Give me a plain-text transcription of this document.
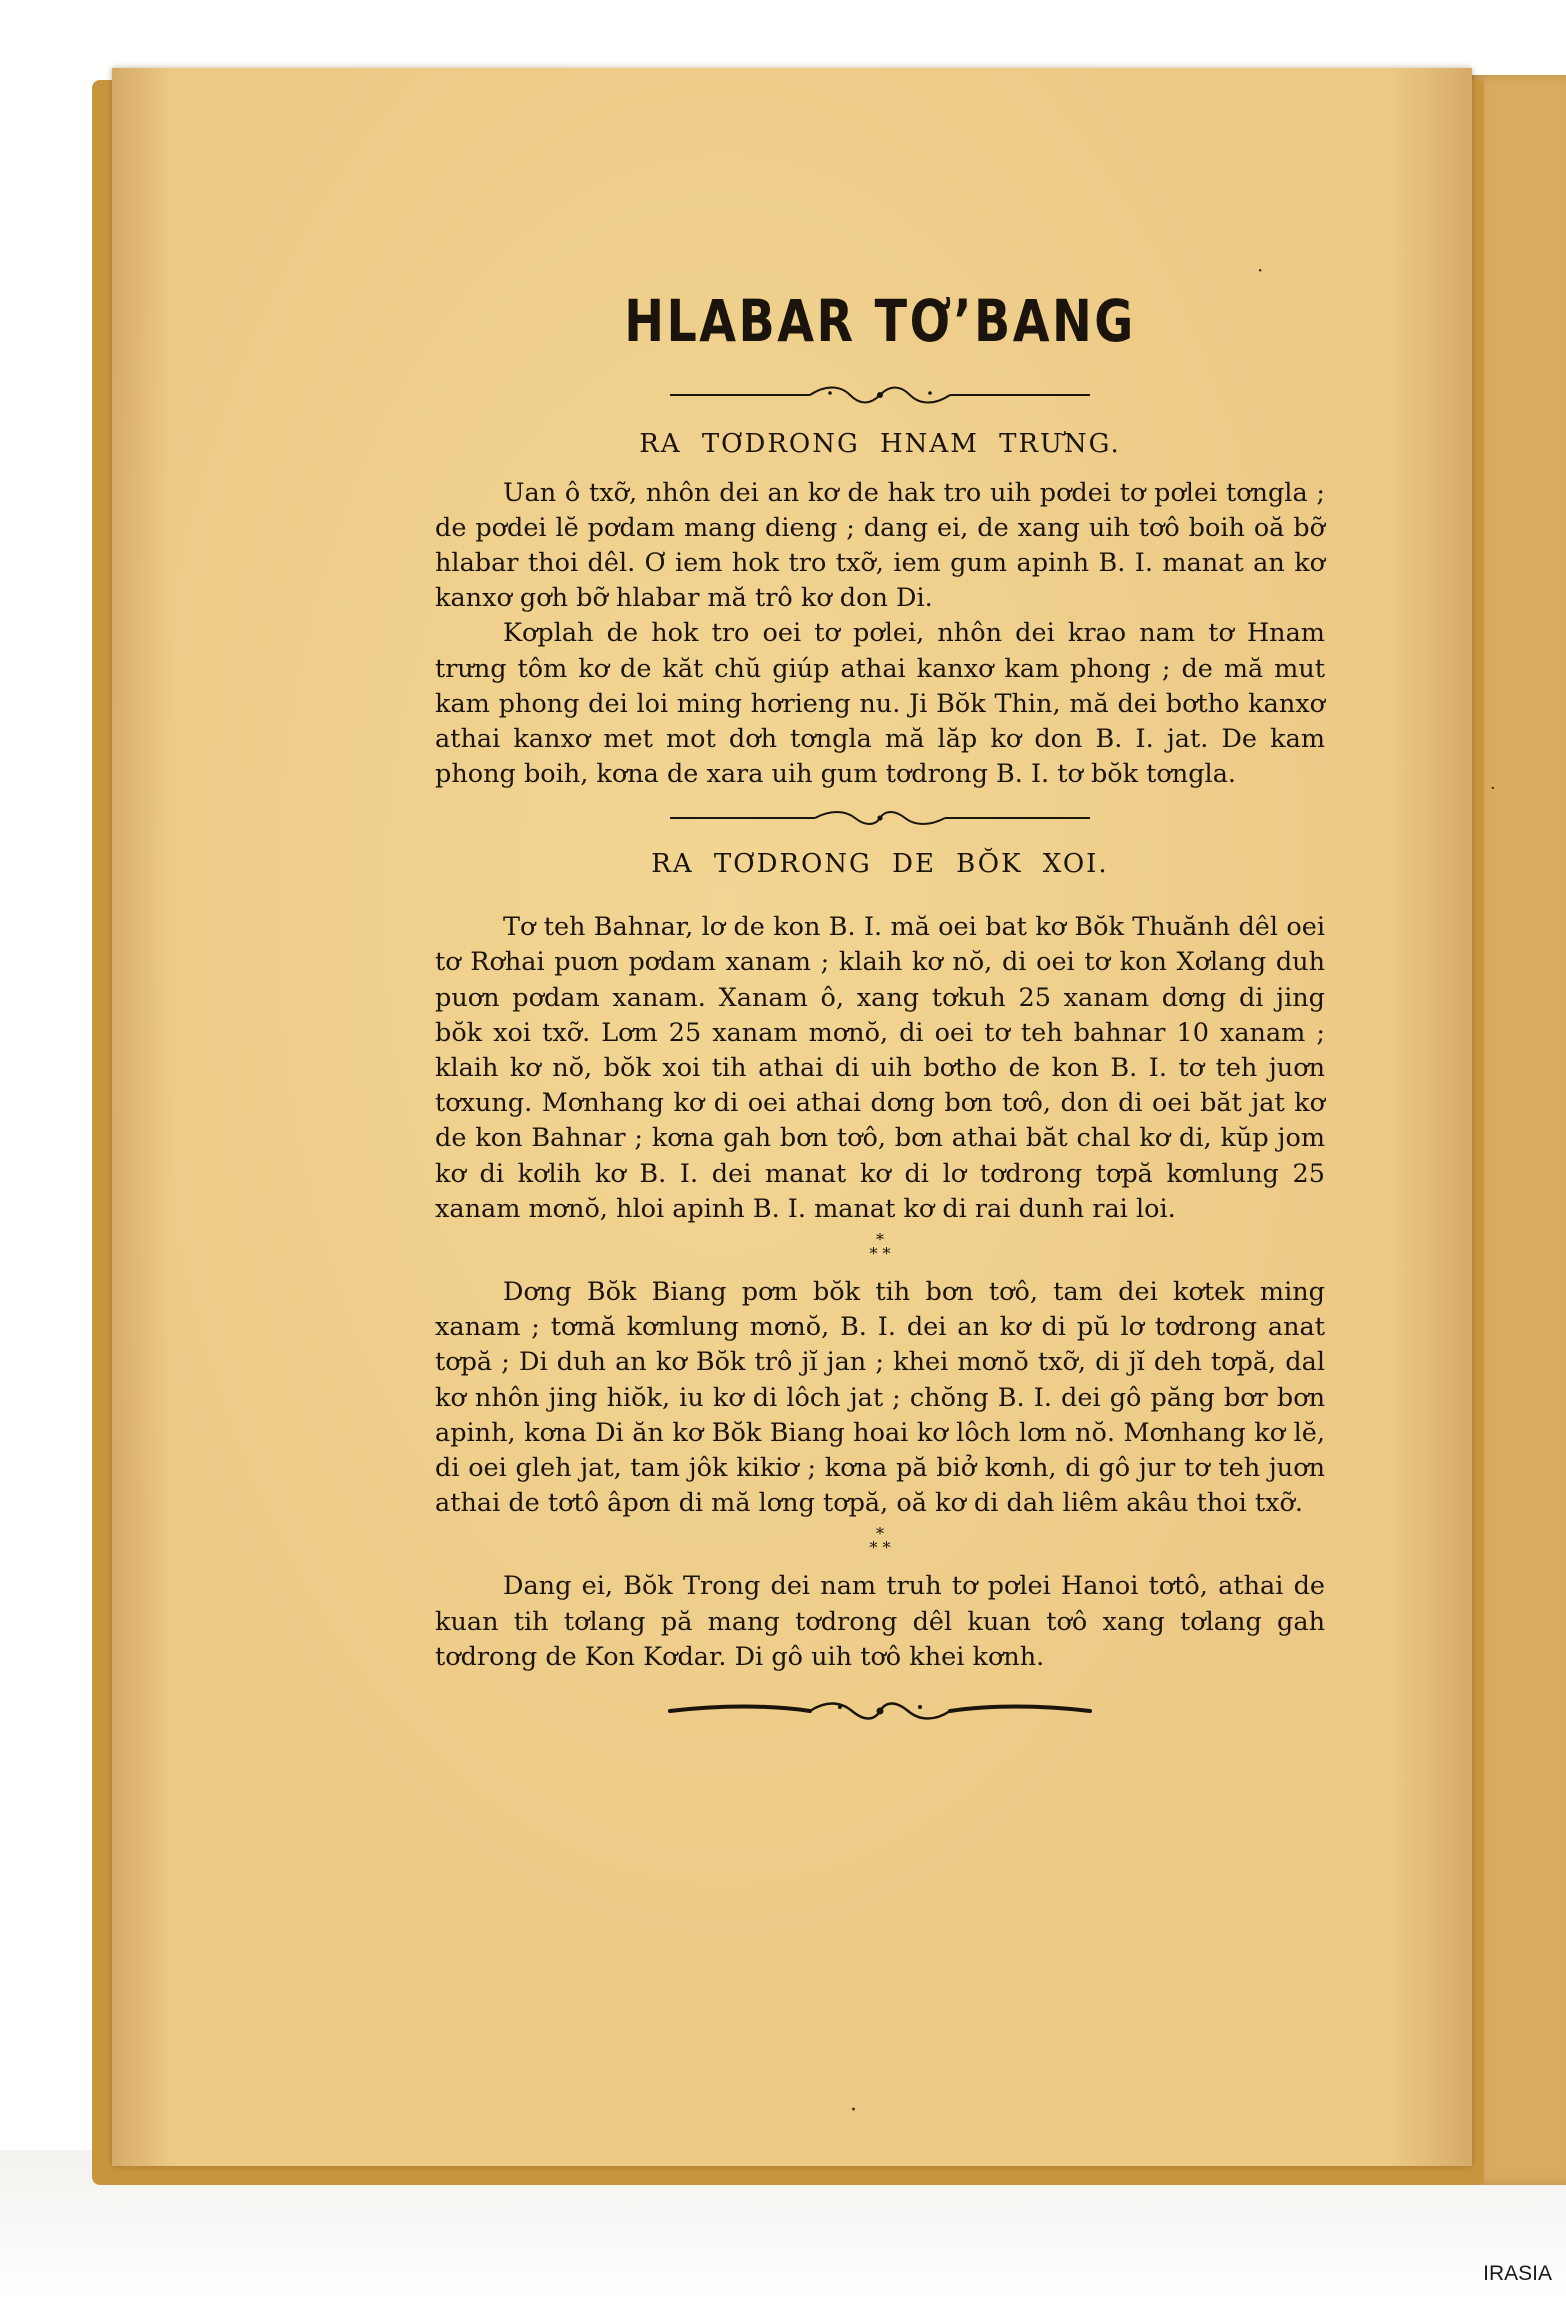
·
·
·
HLABAR TƠ’BANG
RA TƠDRONG HNAM TRƯNG.

Uan ô txỡ, nhôn dei an kơ de hak tro uih pơdei tơ pơlei tơngla ; de pơdei lĕ pơdam mang dieng ; dang ei, de xang uih tơô boih oă bỡ hlabar thoi dêl. Ơ iem hok tro txỡ, iem gum apinh B. I. manat an kơ kanxơ gơh bỡ hlabar mă trô kơ don Di.

Kơplah de hok tro oei tơ pơlei, nhôn dei krao nam tơ Hnam trưng tôm kơ de kăt chŭ giúp athai kanxơ kam phong ; de mă mut kam phong dei loi ming hơrieng nu. Ji Bŏk Thin, mă dei bơtho kanxơ athai kanxơ met mot dơh tơngla mă lăp kơ don B. I. jat. De kam phong boih, kơna de xara uih gum tơdrong B. I. tơ bŏk tơngla.

RA TƠDRONG DE BŎK XOI.

Tơ teh Bahnar, lơ de kon B. I. mă oei bat kơ Bŏk Thuănh dêl oei tơ Rơhai puơn pơdam xanam ; klaih kơ nŏ, di oei tơ kon Xơlang duh puơn pơdam xanam. Xanam ô, xang tơkuh 25 xanam dơng di jing bŏk xoi txỡ. Lơm 25 xanam mơnŏ, di oei tơ teh bahnar 10 xanam ; klaih kơ nŏ, bŏk xoi tih athai di uih bơtho de kon B. I. tơ teh juơn tơxung. Mơnhang kơ di oei athai dơng bơn tơô, don di oei băt jat kơ de kon Bahnar ; kơna gah bơn tơô, bơn athai băt chal kơ di, kŭp jom kơ di kơlih kơ B. I. dei manat kơ di lơ tơdrong tơpă kơmlung 25 xanam mơnŏ, hloi apinh B. I. manat kơ di rai dunh rai loi.

*
* *

Dơng Bŏk Biang pơm bŏk tih bơn tơô, tam dei kơtek ming xanam ; tơmă kơmlung mơnŏ, B. I. dei an kơ di pŭ lơ tơdrong anat tơpă ; Di duh an kơ Bŏk trô jĭ jan ; khei mơnŏ txỡ, di jĭ deh tơpă, dal kơ nhôn jing hiŏk, iu kơ di lôch jat ; chŏng B. I. dei gô păng bơr bơn apinh, kơna Di ăn kơ Bŏk Biang hoai kơ lôch lơm nŏ. Mơnhang kơ lĕ, di oei gleh jat, tam jôk kikiơ ; kơna pă biở kơnh, di gô jur tơ teh juơn athai de tơtô âpơn di mă lơng tơpă, oă kơ di dah liêm akâu thoi txỡ.

*
* *

Dang ei, Bŏk Trong dei nam truh tơ pơlei Hanoi tơtô, athai de kuan tih tơlang pă mang tơdrong dêl kuan tơô xang tơlang gah tơdrong de Kon Kơdar. Di gô uih tơô khei kơnh.

IRASIA
